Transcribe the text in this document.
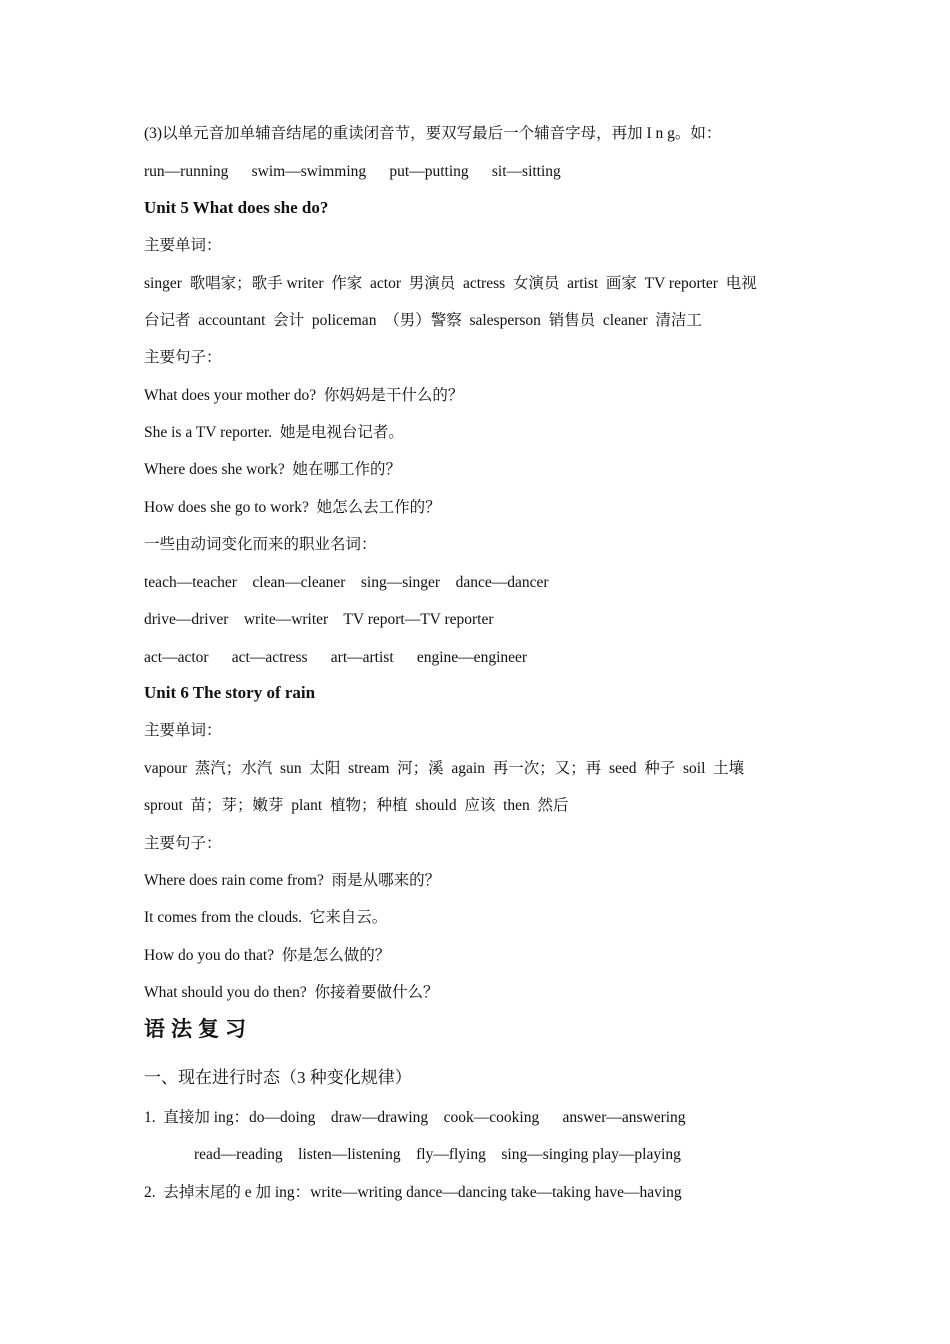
(3)以单元音加单辅音结尾的重读闭音节，要双写最后一个辅音字母，再加 I n g。如：
run—running      swim—swimming      put—putting      sit—sitting
Unit 5 What does she do?
主要单词：
singer  歌唱家；歌手 writer  作家  actor  男演员  actress  女演员  artist  画家  TV reporter  电视
台记者  accountant  会计  policeman  （男）警察  salesperson  销售员  cleaner  清洁工
主要句子：
What does your mother do?  你妈妈是干什么的？
She is a TV reporter.  她是电视台记者。
Where does she work?  她在哪工作的？
How does she go to work?  她怎么去工作的？
一些由动词变化而来的职业名词：
teach—teacher    clean—cleaner    sing—singer    dance—dancer
drive—driver    write—writer    TV report—TV reporter
act—actor      act—actress      art—artist      engine—engineer
Unit 6 The story of rain
主要单词：
vapour  蒸汽；水汽  sun  太阳  stream  河；溪  again  再一次；又；再  seed  种子  soil  土壤
sprout  苗；芽；嫩芽  plant  植物；种植  should  应该  then  然后
主要句子：
Where does rain come from?  雨是从哪来的？
It comes from the clouds.  它来自云。
How do you do that?  你是怎么做的？
What should you do then?  你接着要做什么？
语法复习
一、现在进行时态（3 种变化规律）
1.  直接加 ing：do—doing    draw—drawing    cook—cooking      answer—answering
read—reading    listen—listening    fly—flying    sing—singing play—playing
2.  去掉末尾的 e 加 ing：write—writing dance—dancing take—taking have—having
